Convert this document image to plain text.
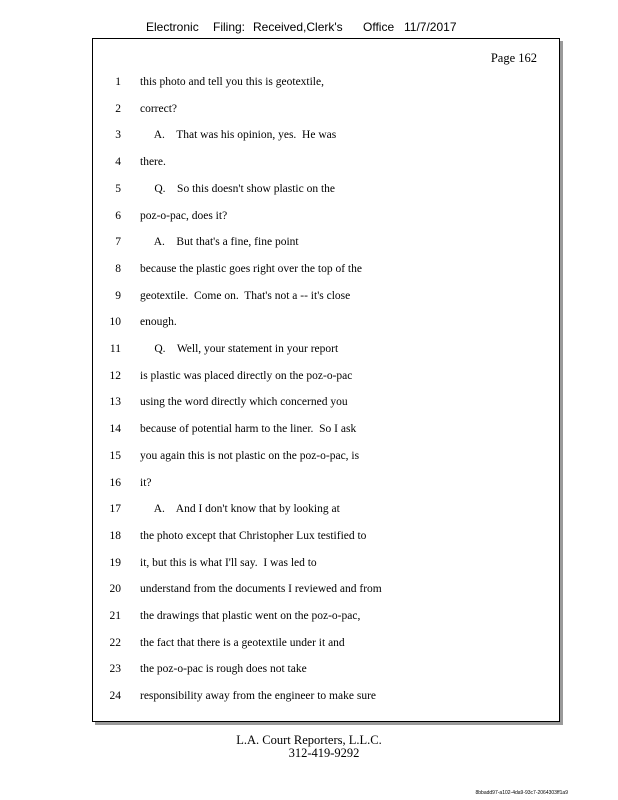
Electronic Filing: Received,Clerk's Office 11/7/2017
Page 162
1 this photo and tell you this is geotextile,
2 correct?
3 A.    That was his opinion, yes.  He was
4 there.
5 Q.    So this doesn't show plastic on the
6 poz-o-pac, does it?
7 A.    But that's a fine, fine point
8 because the plastic goes right over the top of the
9 geotextile.  Come on.  That's not a -- it's close
10 enough.
11 Q.    Well, your statement in your report
12 is plastic was placed directly on the poz-o-pac
13 using the word directly which concerned you
14 because of potential harm to the liner.  So I ask
15 you again this is not plastic on the poz-o-pac, is
16 it?
17 A.    And I don't know that by looking at
18 the photo except that Christopher Lux testified to
19 it, but this is what I'll say.  I was led to
20 understand from the documents I reviewed and from
21 the drawings that plastic went on the poz-o-pac,
22 the fact that there is a geotextile under it and
23 the poz-o-pac is rough does not take
24 responsibility away from the engineer to make sure
L.A. Court Reporters, L.L.C.
312-419-9292
8bbadd97-a102-4da9-93c7-2064303ff1a9
